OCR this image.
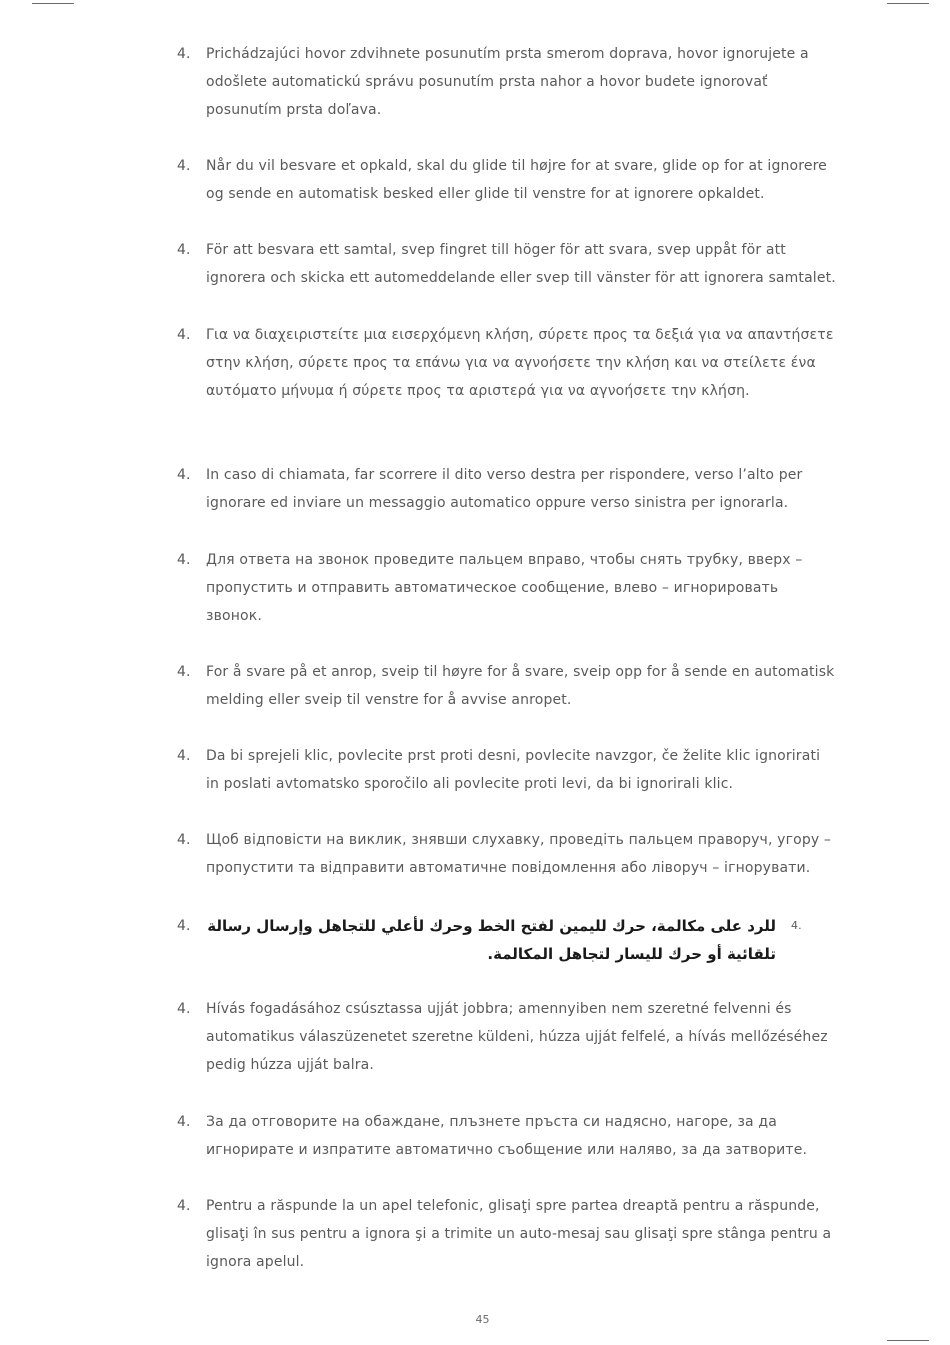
4.	Prichádzajúci hovor zdvihnete posunutím prsta smerom doprava, hovor ignorujete a odošlete automatickú správu posunutím prsta nahor a hovor budete ignorovať posunutím prsta doľava.
4.	Når du vil besvare et opkald, skal du glide til højre for at svare, glide op for at ignorere og sende en automatisk besked eller glide til venstre for at ignorere opkaldet.
4.	För att besvara ett samtal, svep fingret till höger för att svara, svep uppåt för att ignorera och skicka ett automeddelande eller svep till vänster för att ignorera samtalet.
4.	Για να διαχειριστείτε μια εισερχόμενη κλήση, σύρετε προς τα δεξιά για να απαντήσετε στην κλήση, σύρετε προς τα επάνω για να αγνοήσετε την κλήση και να στείλετε ένα αυτόματο μήνυμα ή σύρετε προς τα αριστερά για να αγνοήσετε την κλήση.
4.	In caso di chiamata, far scorrere il dito verso destra per rispondere, verso l’alto per ignorare ed inviare un messaggio automatico oppure verso sinistra per ignorarla.
4.	Для ответа на звонок проведите пальцем вправо, чтобы снять трубку, вверх – пропустить и отправить автоматическое сообщение, влево – игнорировать звонок.
4.	For å svare på et anrop, sveip til høyre for å svare, sveip opp for å sende en automatisk melding eller sveip til venstre for å avvise anropet.
4.	Da bi sprejeli klic, povlecite prst proti desni, povlecite navzgor, če želite klic ignorirati in poslati avtomatsko sporočilo ali povlecite proti levi, da bi ignorirali klic.
4.	Щоб відповісти на виклик, знявши слухавку, проведіть пальцем праворуч, угору – пропустити та відправити автоматичне повідомлення або ліворуч – ігнорувати.
4.	للرد على مكالمة، حرك لليمين لفتح الخط وحرك لأعلي للتجاهل وإرسال رسالة تلقائية أو حرك لليسار لتجاهل المكالمة.
4.
4.	Hívás fogadásához csúsztassa ujját jobbra; amennyiben nem szeretné felvenni és automatikus válaszüzenetet szeretne küldeni, húzza ujját felfelé, a hívás mellőzéséhez pedig húzza ujját balra.
4.	За да отговорите на обаждане, плъзнете пръста си надясно, нагоре, за да игнорирате и изпратите автоматично съобщение или наляво, за да затворите.
4.	Pentru a răspunde la un apel telefonic, glisaţi spre partea dreaptă pentru a răspunde, glisaţi în sus pentru a ignora şi a trimite un auto-mesaj sau glisaţi spre stânga pentru a ignora apelul.
45
